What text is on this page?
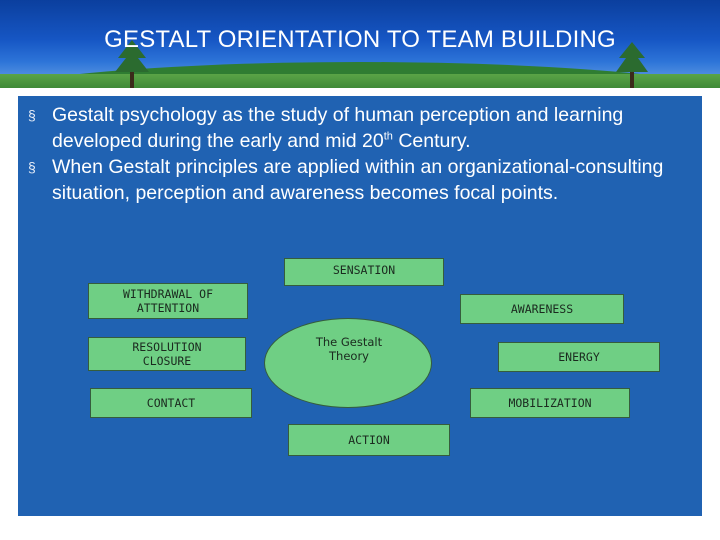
GESTALT ORIENTATION TO TEAM BUILDING
§ Gestalt psychology as the study of human perception and learning developed during the early and mid 20th Century.
§ When Gestalt principles are applied within an organizational-consulting situation, perception and awareness becomes focal points.
SENSATION
WITHDRAWAL OF ATTENTION	AWARENESS
RESOLUTION CLOSURE
The Gestalt Theory	ENERGY
CONTACT	MOBILIZATION
ACTION
